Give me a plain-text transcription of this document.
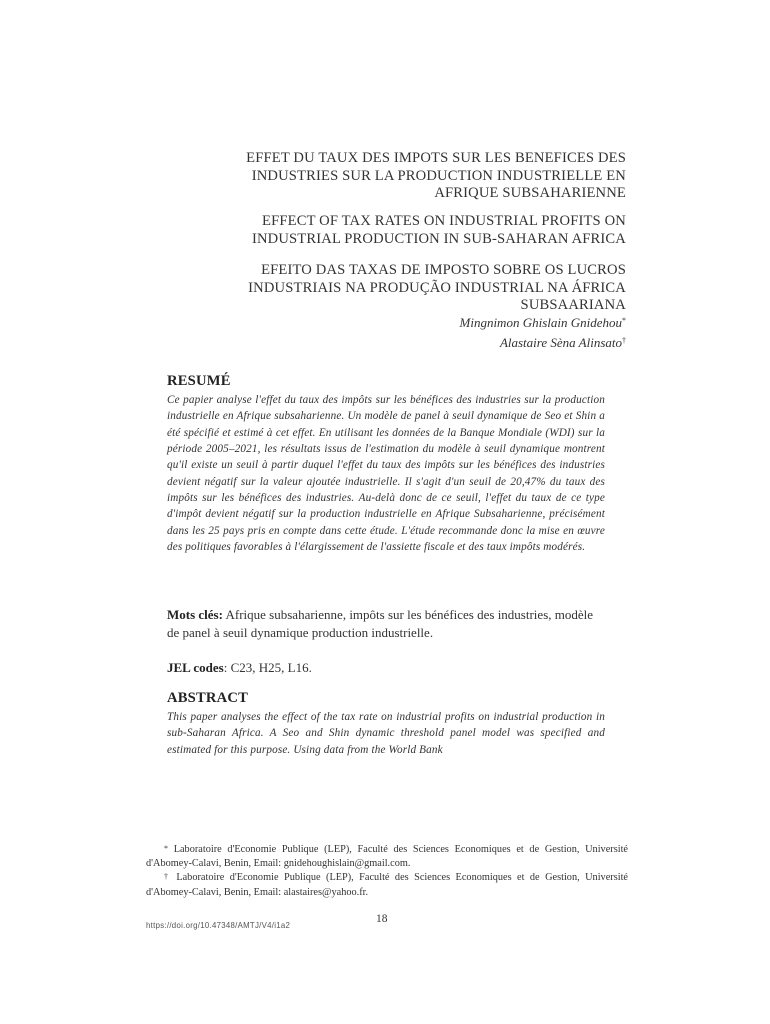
EFFET DU TAUX DES IMPOTS SUR LES BENEFICES DES

INDUSTRIES SUR LA PRODUCTION INDUSTRIELLE EN

AFRIQUE SUBSAHARIENNE

EFFECT OF TAX RATES ON INDUSTRIAL PROFITS ON

INDUSTRIAL PRODUCTION IN SUB-SAHARAN AFRICA

EFEITO DAS TAXAS DE IMPOSTO SOBRE OS LUCROS

INDUSTRIAIS NA PRODUÇÃO INDUSTRIAL NA ÁFRICA

SUBSAARIANA

Mingnimon Ghislain Gnidehou*
Alastaire Sèna Alinsato†
RESUMÉ
Ce papier analyse l'effet du taux des impôts sur les bénéfices des industries sur la production industrielle en Afrique subsaharienne. Un modèle de panel à seuil dynamique de Seo et Shin a été spécifié et estimé à cet effet. En utilisant les données de la Banque Mondiale (WDI) sur la période 2005–2021, les résultats issus de l'estimation du modèle à seuil dynamique montrent qu'il existe un seuil à partir duquel l'effet du taux des impôts sur les bénéfices des industries devient négatif sur la valeur ajoutée industrielle. Il s'agit d'un seuil de 20,47% du taux des impôts sur les bénéfices des industries. Au-delà donc de ce seuil, l'effet du taux de ce type d'impôt devient négatif sur la production industrielle en Afrique Subsaharienne, précisément dans les 25 pays pris en compte dans cette étude. L'étude recommande donc la mise en œuvre des politiques favorables à l'élargissement de l'assiette fiscale et des taux impôts modérés.
Mots clés: Afrique subsaharienne, impôts sur les bénéfices des industries, modèle de panel à seuil dynamique production industrielle.
JEL codes: C23, H25, L16.
ABSTRACT
This paper analyses the effect of the tax rate on industrial profits on industrial production in sub-Saharan Africa. A Seo and Shin dynamic threshold panel model was specified and estimated for this purpose. Using data from the World Bank

* Laboratoire d'Economie Publique (LEP), Faculté des Sciences Economiques et de Gestion, Université d'Abomey-Calavi, Benin, Email: gnidehoughislain@gmail.com.

† Laboratoire d'Economie Publique (LEP), Faculté des Sciences Economiques et de Gestion, Université d'Abomey-Calavi, Benin, Email: alastaires@yahoo.fr.

https://doi.org/10.47348/AMTJ/V4/i1a2
18
